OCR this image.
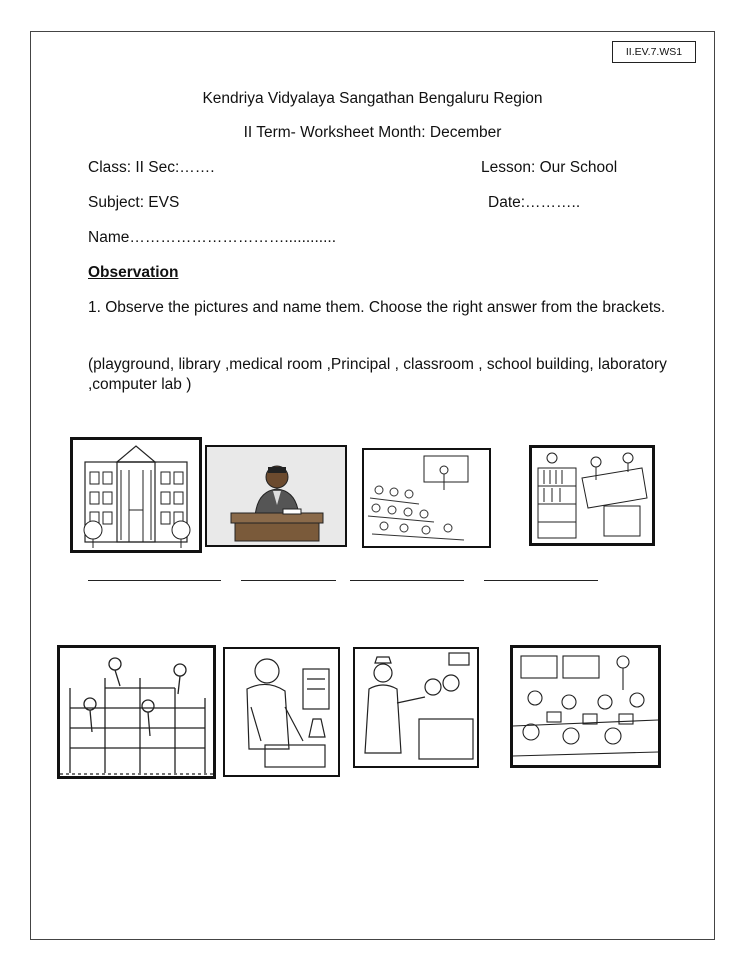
II.EV.7.WS1
Kendriya Vidyalaya Sangathan Bengaluru Region
II Term- Worksheet Month: December
Class: II Sec:…….	Lesson: Our School
Subject: EVS	Date:………..
Name…………………………............
Observation
1. Observe the pictures and name them. Choose the right answer from the brackets.
(playground, library ,medical room ,Principal , classroom , school building, laboratory ,computer lab )
